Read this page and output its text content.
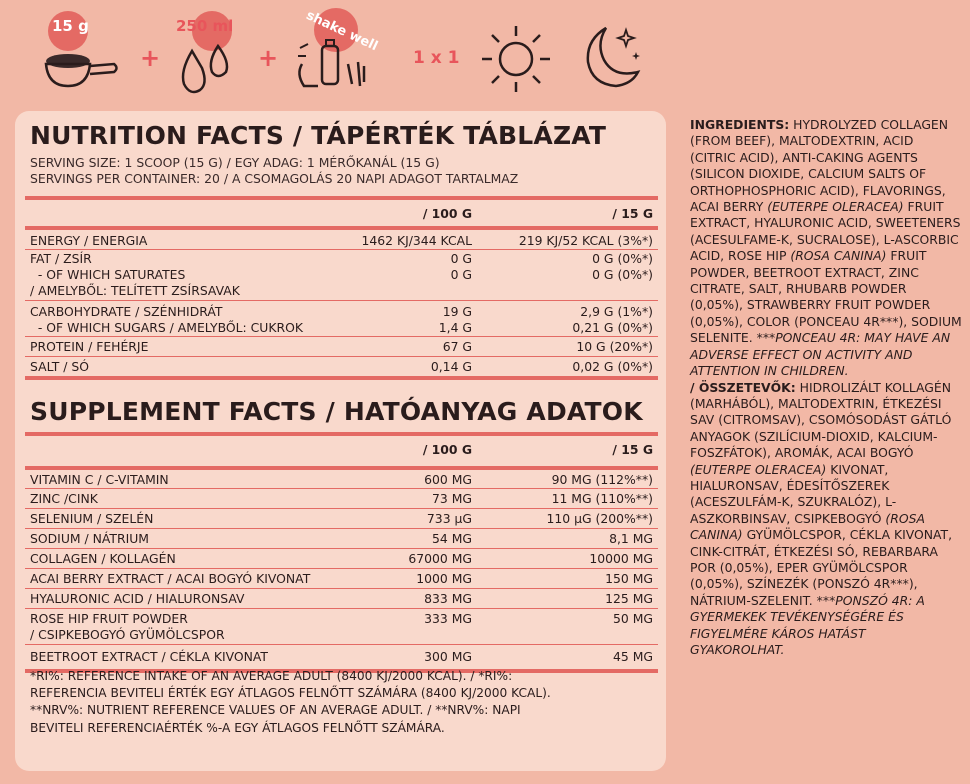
15 g
+
250 ml
+
shake well
1 x 1
NUTRITION FACTS / TÁPÉRTÉK TÁBLÁZAT
SERVING SIZE: 1 SCOOP (15 G) / EGY ADAG: 1 MÉRŐKANÁL (15 G)
SERVINGS PER CONTAINER: 20 / A CSOMAGOLÁS 20 NAPI ADAGOT TARTALMAZ
/ 100 G	/ 15 G
ENERGY / ENERGIA	1462 KJ/344 KCAL	219 KJ/52 KCAL (3%*)
FAT / ZSÍR	0 G	0 G (0%*)
- OF WHICH SATURATES	0 G	0 G (0%*)
/ AMELYBŐL: TELÍTETT ZSÍRSAVAK
CARBOHYDRATE / SZÉNHIDRÁT	19 G	2,9 G (1%*)
- OF WHICH SUGARS / AMELYBŐL: CUKROK	1,4 G	0,21 G (0%*)
PROTEIN / FEHÉRJE	67 G	10 G (20%*)
SALT / SÓ	0,14 G	0,02 G (0%*)
SUPPLEMENT FACTS / HATÓANYAG ADATOK
/ 100 G	/ 15 G
VITAMIN C / C-VITAMIN	600 MG	90 MG (112%**)
ZINC /CINK	73 MG	11 MG (110%**)
SELENIUM / SZELÉN	733 µG	110 µG (200%**)
SODIUM / NÁTRIUM	54 MG	8,1 MG
COLLAGEN / KOLLAGÉN	67000 MG	10000 MG
ACAI BERRY EXTRACT / ACAI BOGYÓ KIVONAT	1000 MG	150 MG
HYALURONIC ACID / HIALURONSAV	833 MG	125 MG
ROSE HIP FRUIT POWDER	333 MG	50 MG
/ CSIPKEBOGYÓ GYÜMÖLCSPOR
BEETROOT EXTRACT / CÉKLA KIVONAT	300 MG	45 MG
*RI%: REFERENCE INTAKE OF AN AVERAGE ADULT (8400 KJ/2000 KCAL). / *RI%:
REFERENCIA BEVITELI ÉRTÉK EGY ÁTLAGOS FELNŐTT SZÁMÁRA (8400 KJ/2000 KCAL).
**NRV%: NUTRIENT REFERENCE VALUES OF AN AVERAGE ADULT. / **NRV%: NAPI
BEVITELI REFERENCIAÉRTÉK %-A EGY ÁTLAGOS FELNŐTT SZÁMÁRA.
INGREDIENTS: HYDROLYZED COLLAGEN (FROM BEEF), MALTODEXTRIN, ACID (CITRIC ACID), ANTI-CAKING AGENTS (SILICON DIOXIDE, CALCIUM SALTS OF ORTHOPHOSPHORIC ACID), FLAVORINGS, ACAI BERRY (EUTERPE OLERACEA) FRUIT EXTRACT, HYALURONIC ACID, SWEETENERS (ACESULFAME-K, SUCRALOSE), L-ASCORBIC ACID, ROSE HIP (ROSA CANINA) FRUIT POWDER, BEETROOT EXTRACT, ZINC CITRATE, SALT, RHUBARB POWDER (0,05%), STRAWBERRY FRUIT POWDER (0,05%), COLOR (PONCEAU 4R***), SODIUM SELENITE. ***PONCEAU 4R: MAY HAVE AN ADVERSE EFFECT ON ACTIVITY AND ATTENTION IN CHILDREN.
/ ÖSSZETEVŐK: HIDROLIZÁLT KOLLAGÉN (MARHÁBÓL), MALTODEXTRIN, ÉTKEZÉSI SAV (CITROMSAV), CSOMÓSODÁST GÁTLÓ ANYAGOK (SZILÍCIUM-DIOXID, KALCIUM-FOSZFÁTOK), AROMÁK, ACAI BOGYÓ (EUTERPE OLERACEA) KIVONAT, HIALURONSAV, ÉDESÍTŐSZEREK (ACESZULFÁM-K, SZUKRALÓZ), L-ASZKORBINSAV, CSIPKEBOGYÓ (ROSA CANINA) GYÜMÖLCSPOR, CÉKLA KIVONAT, CINK-CITRÁT, ÉTKEZÉSI SÓ, REBARBARA POR (0,05%), EPER GYÜMÖLCSPOR (0,05%), SZÍNEZÉK (PONSZÓ 4R***), NÁTRIUM-SZELENIT. ***PONSZÓ 4R: A GYERMEKEK TEVÉKENYSÉGÉRE ÉS FIGYELMÉRE KÁROS HATÁST GYAKOROLHAT.
